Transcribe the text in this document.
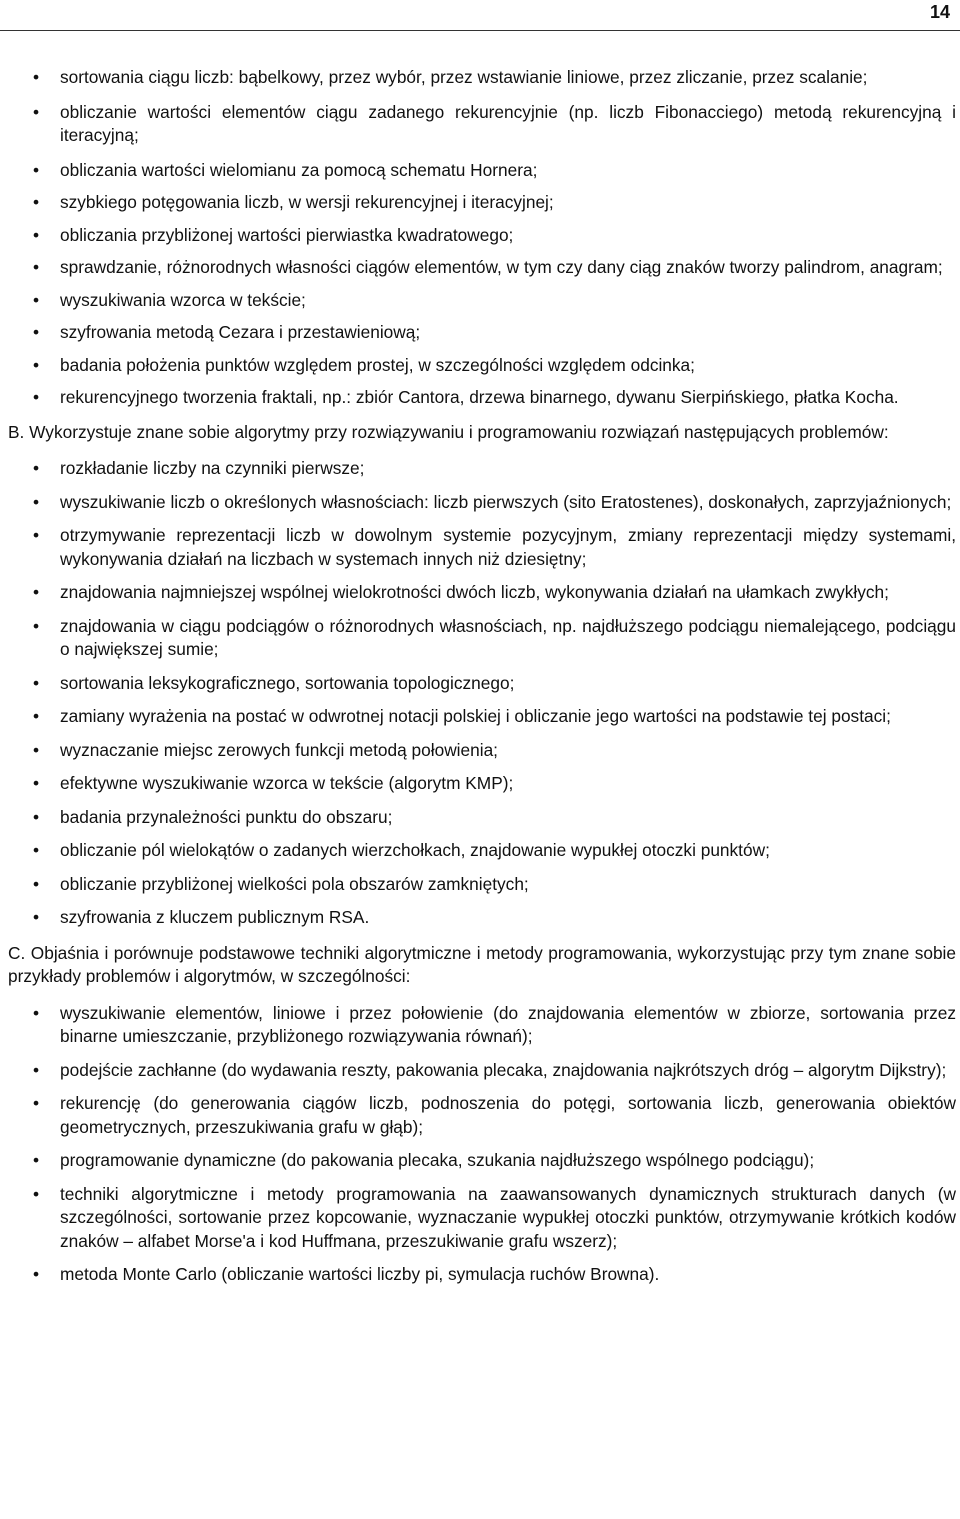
14
• sortowania ciągu liczb: bąbelkowy, przez wybór, przez wstawianie liniowe, przez zliczanie, przez scalanie;
• obliczanie wartości elementów ciągu zadanego rekurencyjnie (np. liczb Fibonacciego) metodą rekurencyjną i iteracyjną;
• obliczania wartości wielomianu za pomocą schematu Hornera;
• szybkiego potęgowania liczb, w wersji rekurencyjnej i iteracyjnej;
• obliczania przybliżonej wartości pierwiastka kwadratowego;
• sprawdzanie, różnorodnych własności ciągów elementów, w tym czy dany ciąg znaków tworzy palindrom, anagram;
• wyszukiwania wzorca w tekście;
• szyfrowania metodą Cezara i przestawieniową;
• badania położenia punktów względem prostej, w szczególności względem odcinka;
• rekurencyjnego tworzenia fraktali, np.: zbiór Cantora, drzewa binarnego, dywanu Sierpińskiego, płatka Kocha.
B. Wykorzystuje znane sobie algorytmy przy rozwiązywaniu i programowaniu rozwiązań następujących problemów:
• rozkładanie liczby na czynniki pierwsze;
• wyszukiwanie liczb o określonych własnościach: liczb pierwszych (sito Eratostenes), doskonałych, zaprzyjaźnionych;
• otrzymywanie reprezentacji liczb w dowolnym systemie pozycyjnym, zmiany reprezentacji między systemami, wykonywania działań na liczbach w systemach innych niż dziesiętny;
• znajdowania najmniejszej wspólnej wielokrotności dwóch liczb, wykonywania działań na ułamkach zwykłych;
• znajdowania w ciągu podciągów o różnorodnych własnościach, np. najdłuższego podciągu niemalejącego, podciągu o największej sumie;
• sortowania leksykograficznego, sortowania topologicznego;
• zamiany wyrażenia na postać w odwrotnej notacji polskiej i obliczanie jego wartości na podstawie tej postaci;
• wyznaczanie miejsc zerowych funkcji metodą połowienia;
• efektywne wyszukiwanie wzorca w tekście (algorytm KMP);
• badania przynależności punktu do obszaru;
• obliczanie pól wielokątów o zadanych wierzchołkach, znajdowanie wypukłej otoczki punktów;
• obliczanie przybliżonej wielkości pola obszarów zamkniętych;
• szyfrowania z kluczem publicznym RSA.
C. Objaśnia i porównuje podstawowe techniki algorytmiczne i metody programowania, wykorzystując przy tym znane sobie przykłady problemów i algorytmów, w szczególności:
• wyszukiwanie elementów, liniowe i przez połowienie (do znajdowania elementów w zbiorze, sortowania przez binarne umieszczanie, przybliżonego rozwiązywania równań);
• podejście zachłanne (do wydawania reszty, pakowania plecaka, znajdowania najkrótszych dróg – algorytm Dijkstry);
• rekurencję (do generowania ciągów liczb, podnoszenia do potęgi, sortowania liczb, generowania obiektów geometrycznych, przeszukiwania grafu w głąb);
• programowanie dynamiczne (do pakowania plecaka, szukania najdłuższego wspólnego podciągu);
• techniki algorytmiczne i metody programowania na zaawansowanych dynamicznych strukturach danych (w szczególności, sortowanie przez kopcowanie, wyznaczanie wypukłej otoczki punktów, otrzymywanie krótkich kodów znaków – alfabet Morse'a i kod Huffmana, przeszukiwanie grafu wszerz);
• metoda Monte Carlo (obliczanie wartości liczby pi, symulacja ruchów Browna).
